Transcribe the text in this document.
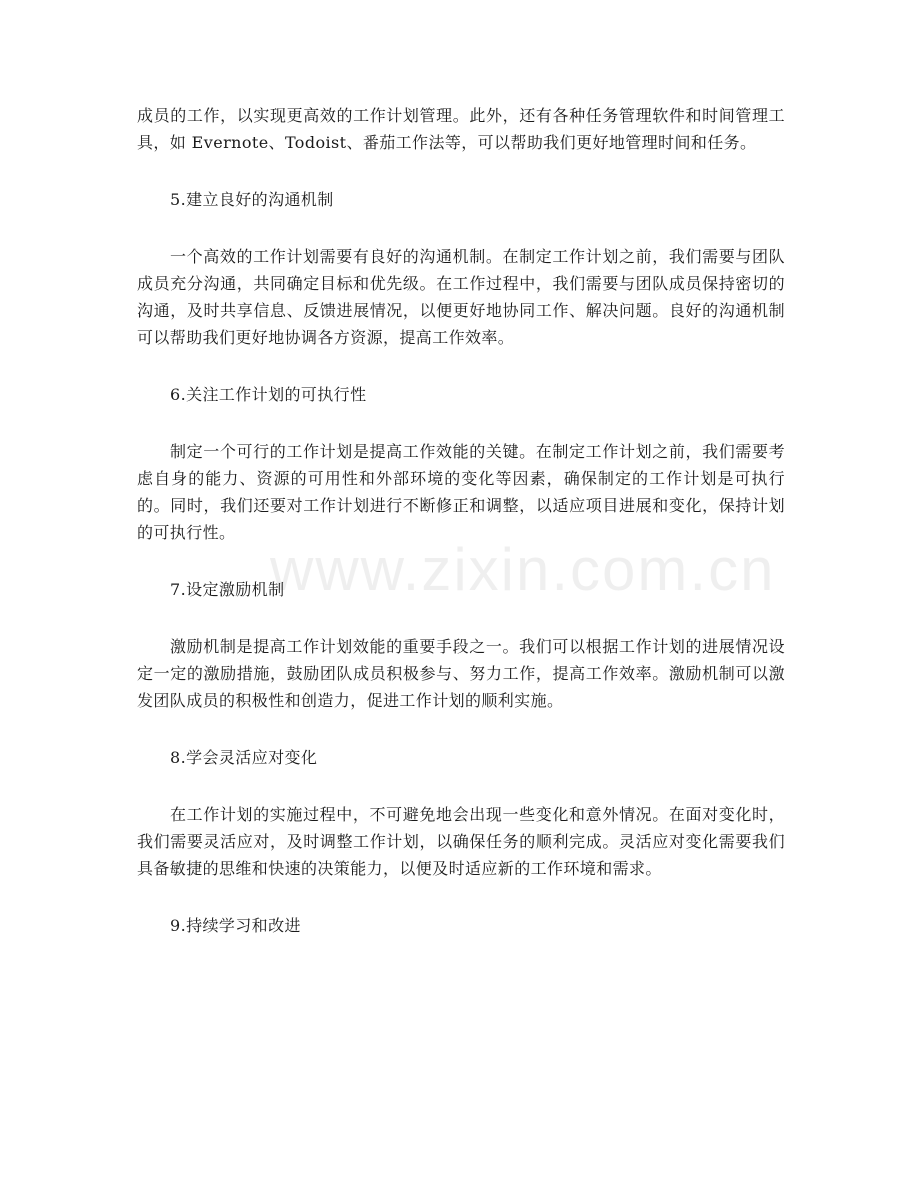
成员的工作，以实现更高效的工作计划管理。此外，还有各种任务管理软件和时间管理工具，如 Evernote、Todoist、番茄工作法等，可以帮助我们更好地管理时间和任务。

5.建立良好的沟通机制

一个高效的工作计划需要有良好的沟通机制。在制定工作计划之前，我们需要与团队成员充分沟通，共同确定目标和优先级。在工作过程中，我们需要与团队成员保持密切的沟通，及时共享信息、反馈进展情况，以便更好地协同工作、解决问题。良好的沟通机制可以帮助我们更好地协调各方资源，提高工作效率。

6.关注工作计划的可执行性

制定一个可行的工作计划是提高工作效能的关键。在制定工作计划之前，我们需要考虑自身的能力、资源的可用性和外部环境的变化等因素，确保制定的工作计划是可执行的。同时，我们还要对工作计划进行不断修正和调整，以适应项目进展和变化，保持计划的可执行性。

7.设定激励机制

激励机制是提高工作计划效能的重要手段之一。我们可以根据工作计划的进展情况设定一定的激励措施，鼓励团队成员积极参与、努力工作，提高工作效率。激励机制可以激发团队成员的积极性和创造力，促进工作计划的顺利实施。

8.学会灵活应对变化

在工作计划的实施过程中，不可避免地会出现一些变化和意外情况。在面对变化时，我们需要灵活应对，及时调整工作计划，以确保任务的顺利完成。灵活应对变化需要我们具备敏捷的思维和快速的决策能力，以便及时适应新的工作环境和需求。

9.持续学习和改进

www.zixin.com.cn
